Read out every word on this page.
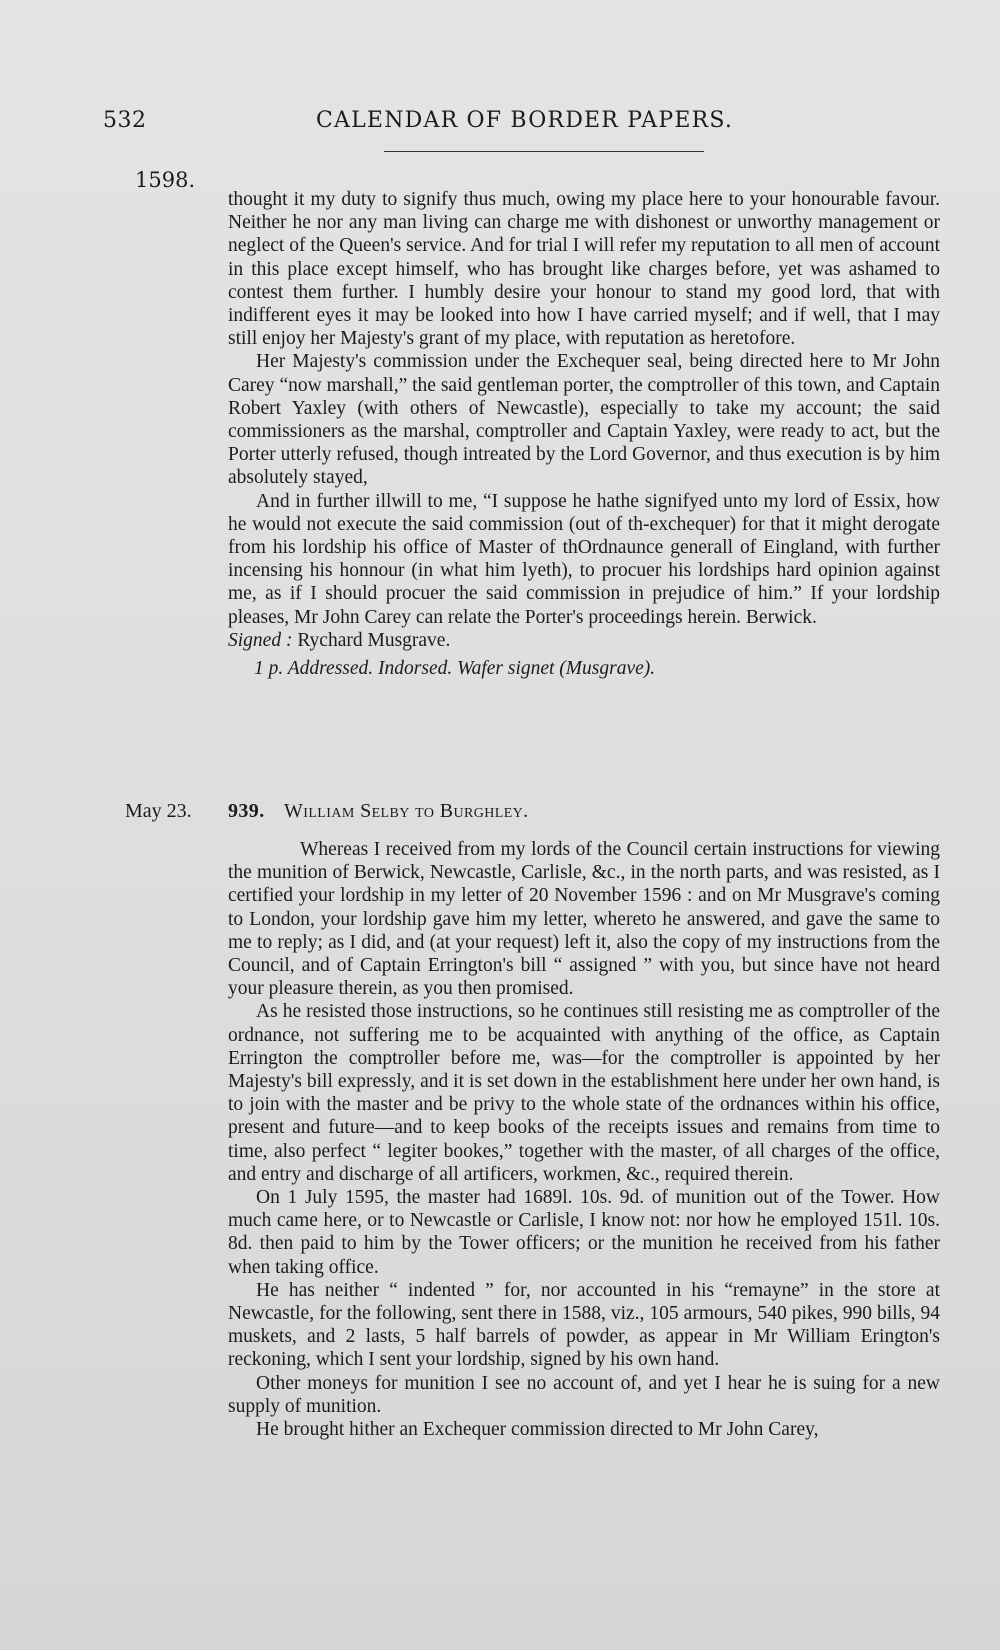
532	CALENDAR OF BORDER PAPERS.
1598.

thought it my duty to signify thus much, owing my place here to your honourable favour. Neither he nor any man living can charge me with dishonest or unworthy management or neglect of the Queen's service. And for trial I will refer my reputation to all men of account in this place except himself, who has brought like charges before, yet was ashamed to contest them further. I humbly desire your honour to stand my good lord, that with indifferent eyes it may be looked into how I have carried myself; and if well, that I may still enjoy her Majesty's grant of my place, with reputation as heretofore.

Her Majesty's commission under the Exchequer seal, being directed here to Mr John Carey “now marshall,” the said gentleman porter, the comptroller of this town, and Captain Robert Yaxley (with others of Newcastle), especially to take my account; the said commissioners as the marshal, comptroller and Captain Yaxley, were ready to act, but the Porter utterly refused, though intreated by the Lord Governor, and thus execution is by him absolutely stayed,

And in further illwill to me, “I suppose he hathe signifyed unto my lord of Essix, how he would not execute the said commission (out of th-exchequer) for that it might derogate from his lordship his office of Master of thOrdnaunce generall of Eingland, with further incensing his honnour (in what him lyeth), to procuer his lordships hard opinion against me, as if I should procuer the said commission in prejudice of him.” If your lordship pleases, Mr John Carey can relate the Porter's proceedings herein. Berwick.

Signed : Rychard Musgrave.

1 p. Addressed. Indorsed. Wafer signet (Musgrave).

May 23. 939. William Selby to Burghley.

Whereas I received from my lords of the Council certain instructions for viewing the munition of Berwick, Newcastle, Carlisle, &c., in the north parts, and was resisted, as I certified your lordship in my letter of 20 November 1596 : and on Mr Musgrave's coming to London, your lordship gave him my letter, whereto he answered, and gave the same to me to reply; as I did, and (at your request) left it, also the copy of my instructions from the Council, and of Captain Errington's bill “ assigned ” with you, but since have not heard your pleasure therein, as you then promised.

As he resisted those instructions, so he continues still resisting me as comptroller of the ordnance, not suffering me to be acquainted with anything of the office, as Captain Errington the comptroller before me, was—for the comptroller is appointed by her Majesty's bill expressly, and it is set down in the establishment here under her own hand, is to join with the master and be privy to the whole state of the ordnances within his office, present and future—and to keep books of the receipts issues and remains from time to time, also perfect “ legiter bookes,” together with the master, of all charges of the office, and entry and discharge of all artificers, workmen, &c., required therein.

On 1 July 1595, the master had 1689l. 10s. 9d. of munition out of the Tower. How much came here, or to Newcastle or Carlisle, I know not: nor how he employed 151l. 10s. 8d. then paid to him by the Tower officers; or the munition he received from his father when taking office.

He has neither “ indented ” for, nor accounted in his “remayne” in the store at Newcastle, for the following, sent there in 1588, viz., 105 armours, 540 pikes, 990 bills, 94 muskets, and 2 lasts, 5 half barrels of powder, as appear in Mr William Erington's reckoning, which I sent your lordship, signed by his own hand.

Other moneys for munition I see no account of, and yet I hear he is suing for a new supply of munition.

He brought hither an Exchequer commission directed to Mr John Carey,
